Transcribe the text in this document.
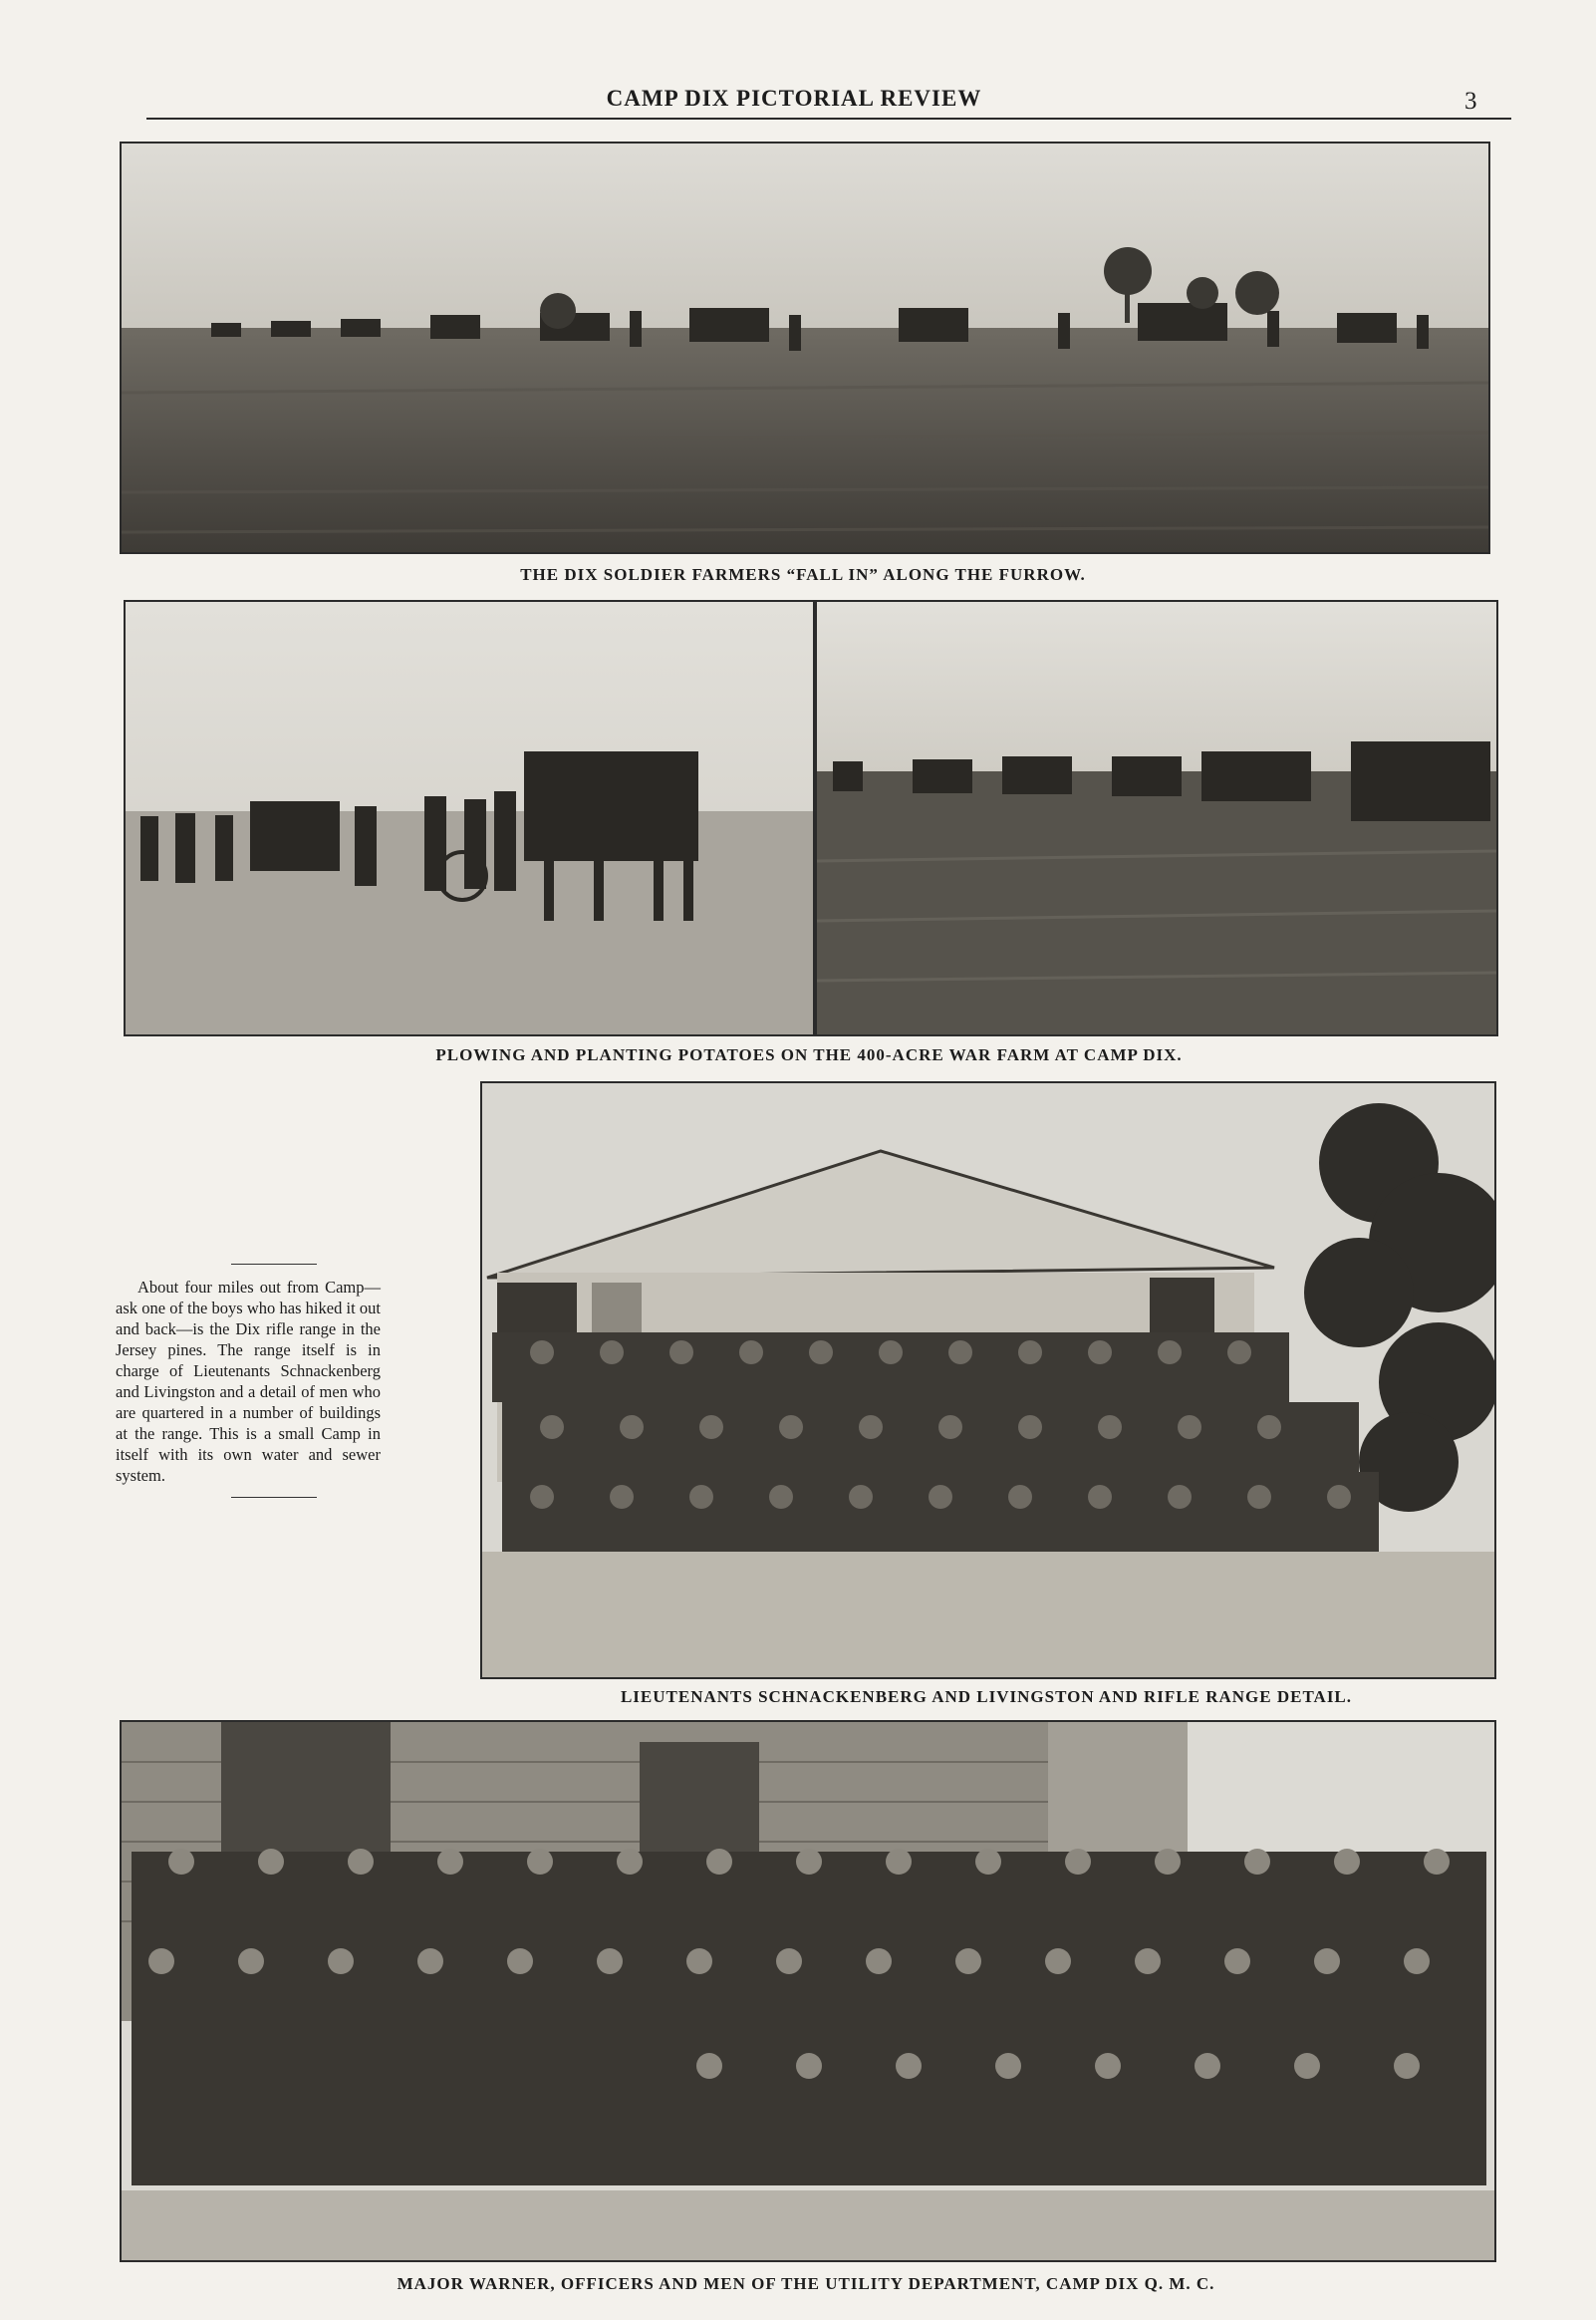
CAMP DIX PICTORIAL REVIEW	3
THE DIX SOLDIER FARMERS “FALL IN” ALONG THE FURROW.
PLOWING AND PLANTING POTATOES ON THE 400-ACRE WAR FARM AT CAMP DIX.
About four miles out from Camp—ask one of the boys who has hiked it out and back—is the Dix rifle range in the Jersey pines. The range itself is in charge of Lieutenants Schnackenberg and Livingston and a detail of men who are quartered in a number of buildings at the range. This is a small Camp in itself with its own water and sewer system.
LIEUTENANTS SCHNACKENBERG AND LIVINGSTON AND RIFLE RANGE DETAIL.
MAJOR WARNER, OFFICERS AND MEN OF THE UTILITY DEPARTMENT, CAMP DIX Q. M. C.
